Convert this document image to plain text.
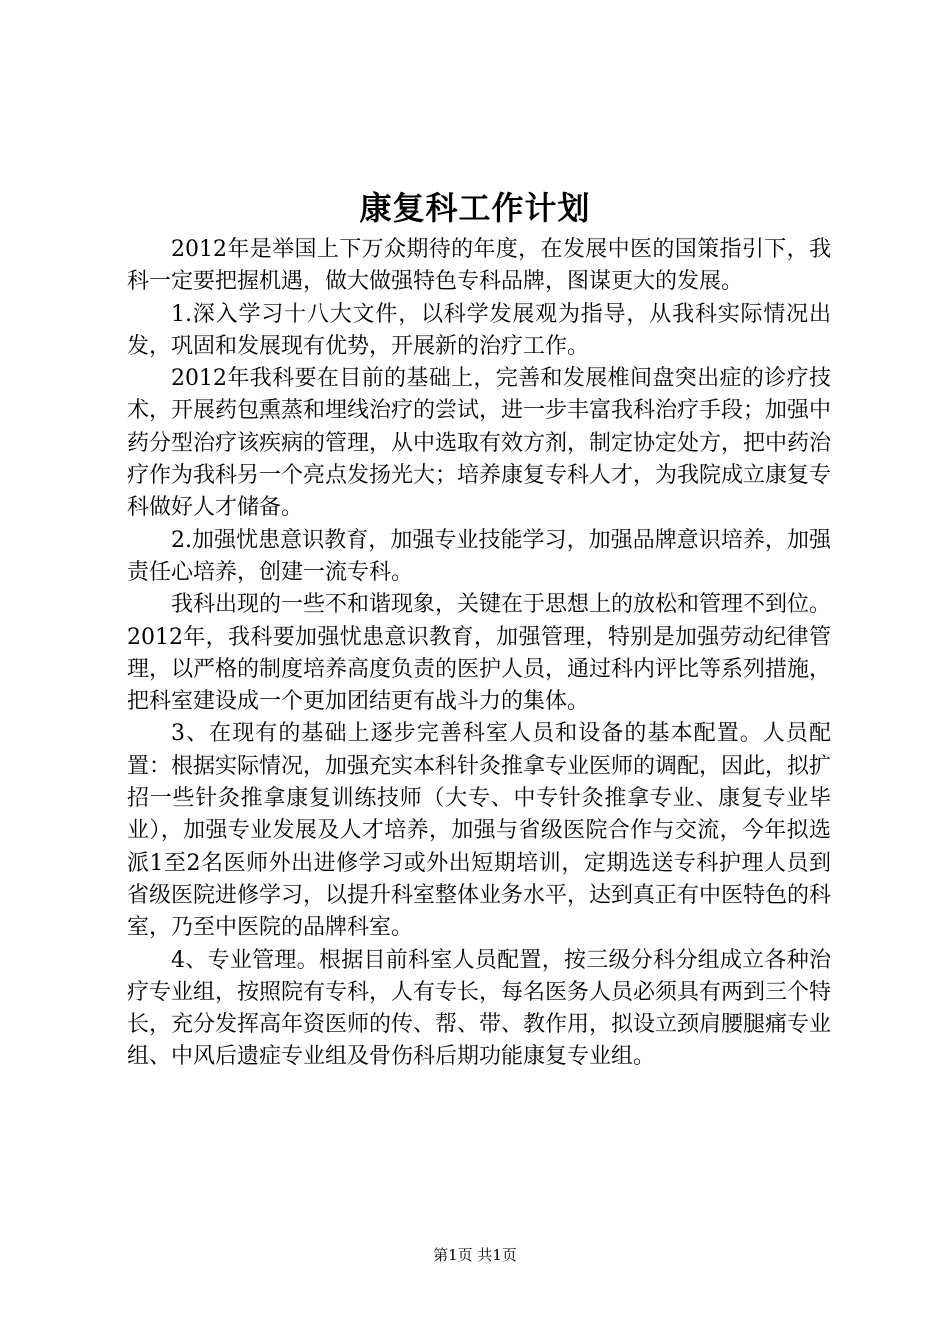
康复科工作计划

2012年是举国上下万众期待的年度，在发展中医的国策指引下，我科一定要把握机遇，做大做强特色专科品牌，图谋更大的发展。

1.深入学习十八大文件，以科学发展观为指导，从我科实际情况出发，巩固和发展现有优势，开展新的治疗工作。

2012年我科要在目前的基础上，完善和发展椎间盘突出症的诊疗技术，开展药包熏蒸和埋线治疗的尝试，进一步丰富我科治疗手段；加强中药分型治疗该疾病的管理，从中选取有效方剂，制定协定处方，把中药治疗作为我科另一个亮点发扬光大；培养康复专科人才，为我院成立康复专科做好人才储备。

2.加强忧患意识教育，加强专业技能学习，加强品牌意识培养，加强责任心培养，创建一流专科。

我科出现的一些不和谐现象，关键在于思想上的放松和管理不到位。2012年，我科要加强忧患意识教育，加强管理，特别是加强劳动纪律管理，以严格的制度培养高度负责的医护人员，通过科内评比等系列措施，把科室建设成一个更加团结更有战斗力的集体。

3、在现有的基础上逐步完善科室人员和设备的基本配置。人员配置：根据实际情况，加强充实本科针灸推拿专业医师的调配，因此，拟扩招一些针灸推拿康复训练技师（大专、中专针灸推拿专业、康复专业毕业），加强专业发展及人才培养，加强与省级医院合作与交流，今年拟选派1至2名医师外出进修学习或外出短期培训，定期选送专科护理人员到省级医院进修学习，以提升科室整体业务水平，达到真正有中医特色的科室，乃至中医院的品牌科室。

4、专业管理。根据目前科室人员配置，按三级分科分组成立各种治疗专业组，按照院有专科，人有专长，每名医务人员必须具有两到三个特长，充分发挥高年资医师的传、帮、带、教作用，拟设立颈肩腰腿痛专业组、中风后遗症专业组及骨伤科后期功能康复专业组。

第1页 共1页
